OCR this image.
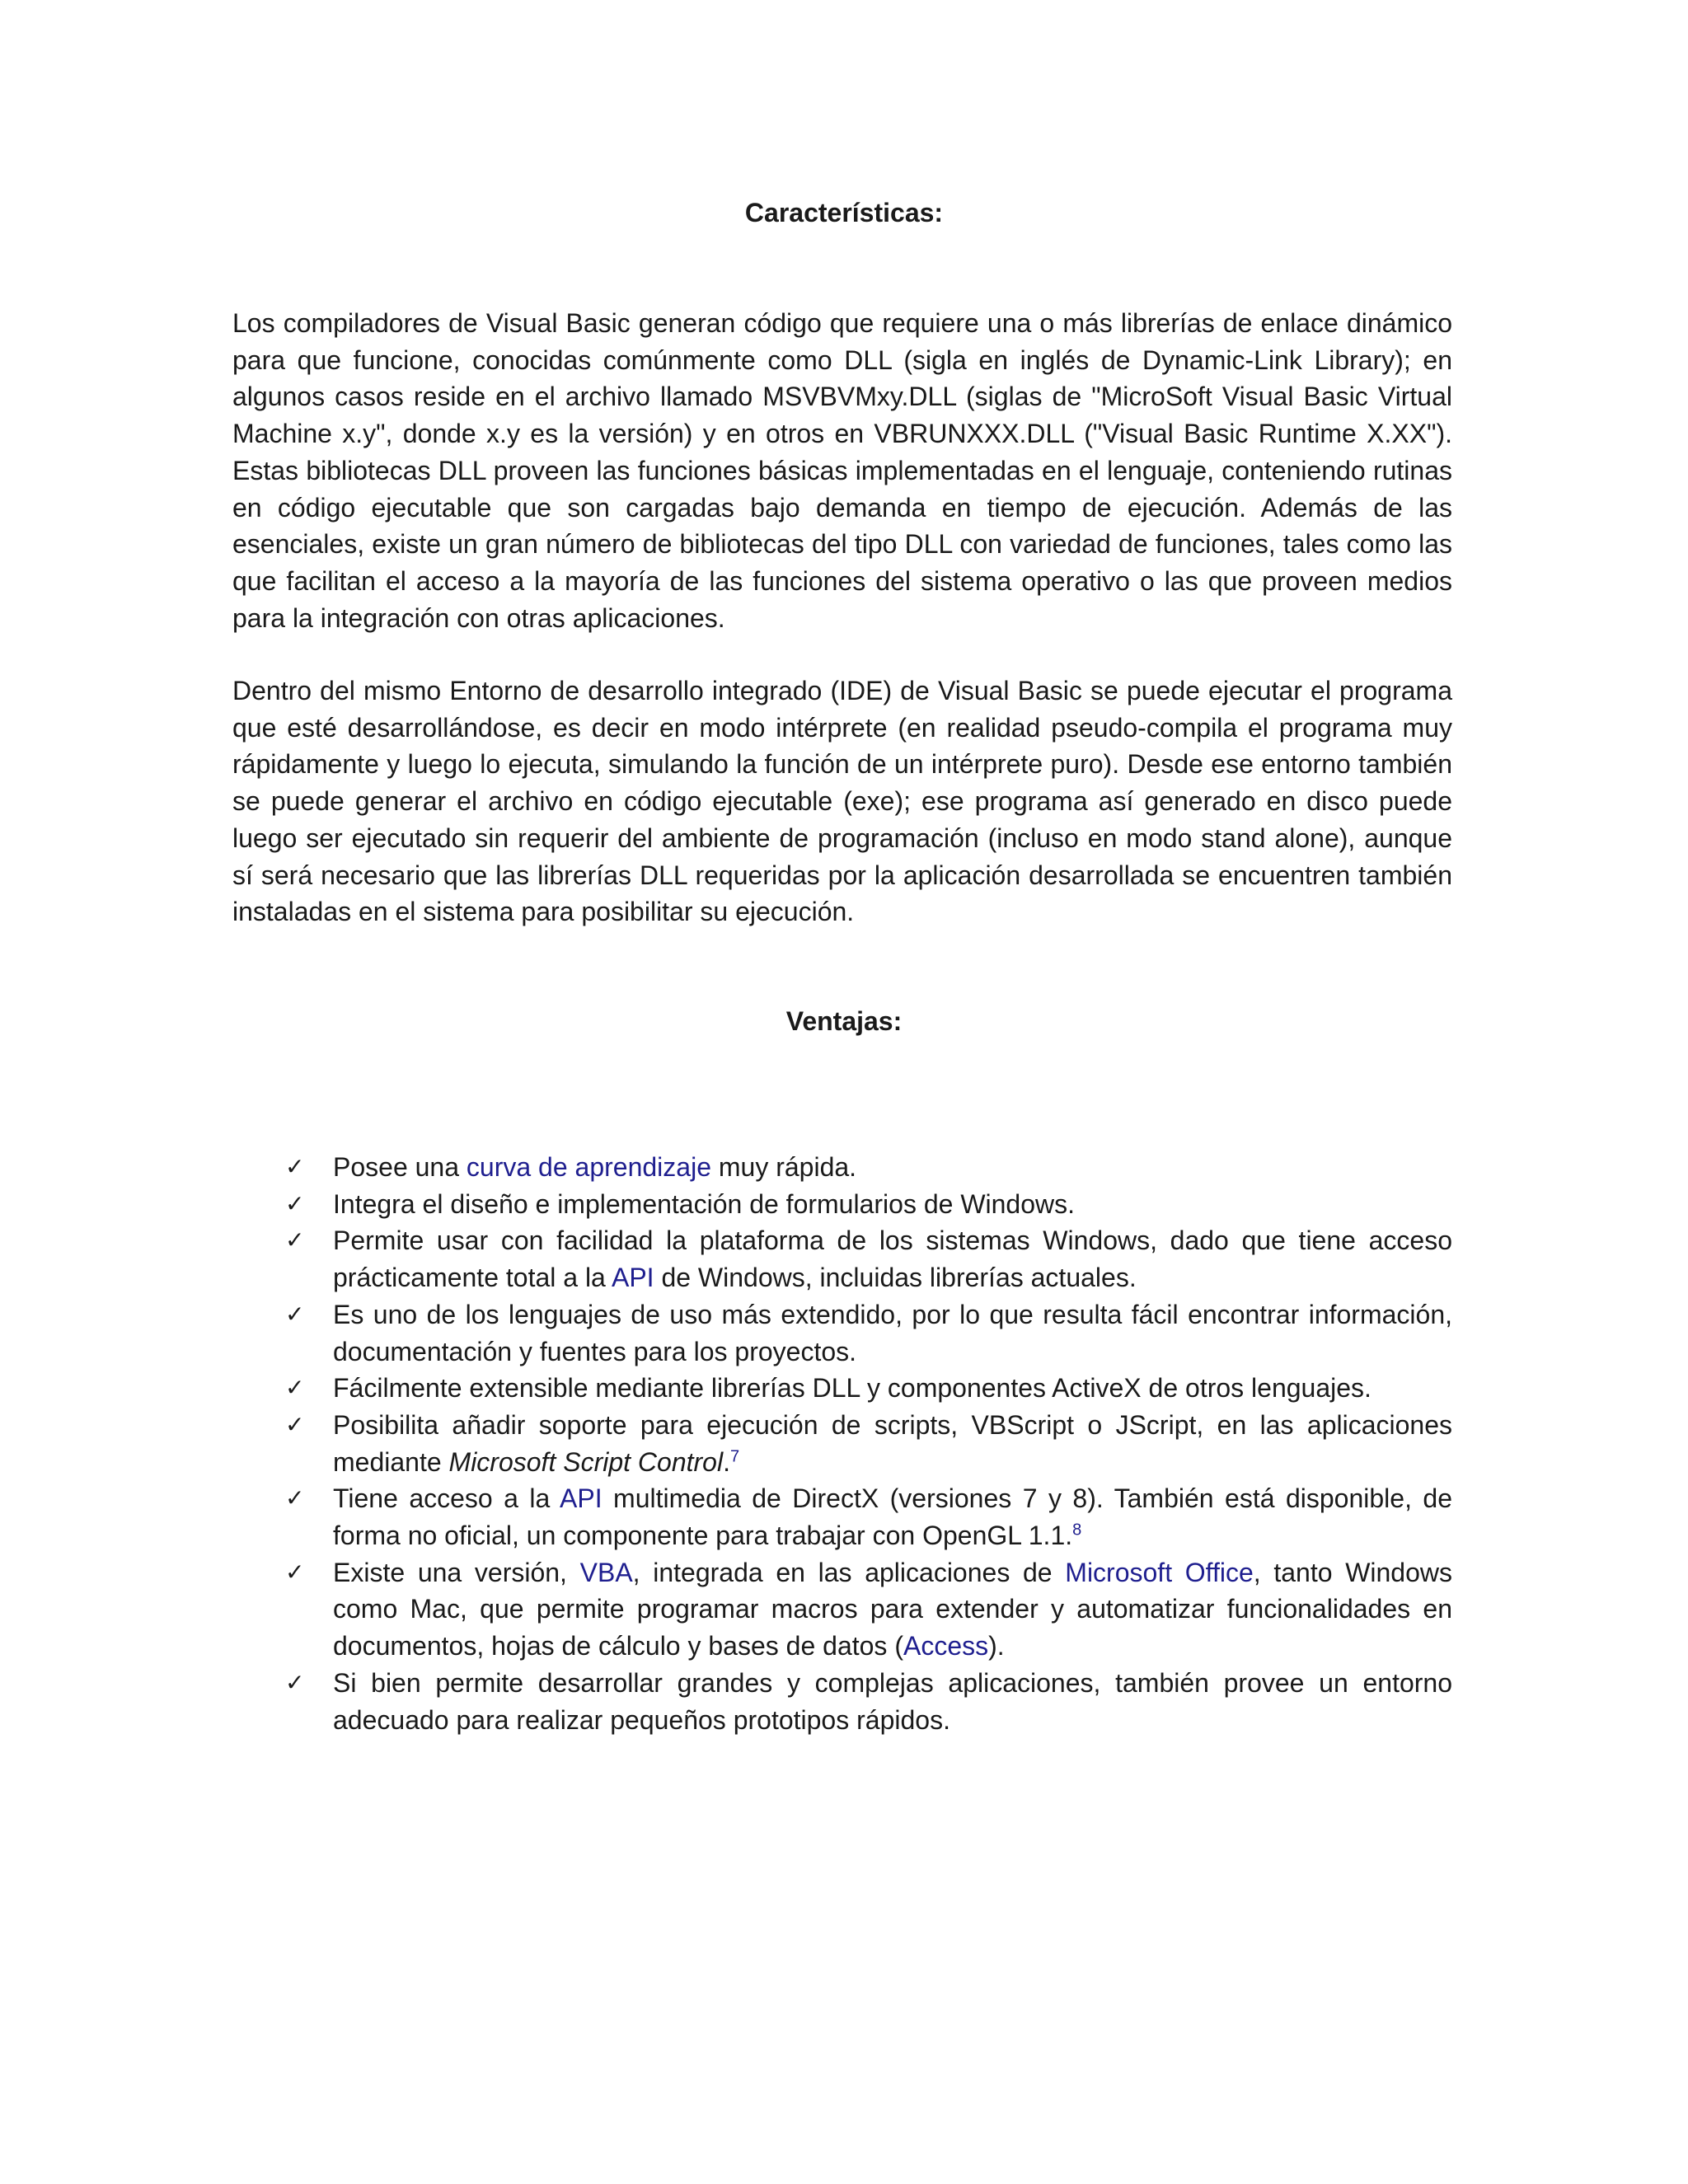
Características:

Los compiladores de Visual Basic generan código que requiere una o más librerías de enlace dinámico para que funcione, conocidas comúnmente como DLL (sigla en inglés de Dynamic-Link Library); en algunos casos reside en el archivo llamado MSVBVMxy.DLL (siglas de "MicroSoft Visual Basic Virtual Machine x.y", donde x.y es la versión) y en otros en VBRUNXXX.DLL ("Visual Basic Runtime X.XX"). Estas bibliotecas DLL proveen las funciones básicas implementadas en el lenguaje, conteniendo rutinas en código ejecutable que son cargadas bajo demanda en tiempo de ejecución. Además de las esenciales, existe un gran número de bibliotecas del tipo DLL con variedad de funciones, tales como las que facilitan el acceso a la mayoría de las funciones del sistema operativo o las que proveen medios para la integración con otras aplicaciones.

Dentro del mismo Entorno de desarrollo integrado (IDE) de Visual Basic se puede ejecutar el programa que esté desarrollándose, es decir en modo intérprete (en realidad pseudo-compila el programa muy rápidamente y luego lo ejecuta, simulando la función de un intérprete puro). Desde ese entorno también se puede generar el archivo en código ejecutable (exe); ese programa así generado en disco puede luego ser ejecutado sin requerir del ambiente de programación (incluso en modo stand alone), aunque sí será necesario que las librerías DLL requeridas por la aplicación desarrollada se encuentren también instaladas en el sistema para posibilitar su ejecución.

Ventajas:
✓ Posee una curva de aprendizaje muy rápida.
✓ Integra el diseño e implementación de formularios de Windows.
✓ Permite usar con facilidad la plataforma de los sistemas Windows, dado que tiene acceso prácticamente total a la API de Windows, incluidas librerías actuales.
✓ Es uno de los lenguajes de uso más extendido, por lo que resulta fácil encontrar información, documentación y fuentes para los proyectos.
✓ Fácilmente extensible mediante librerías DLL y componentes ActiveX de otros lenguajes.
✓ Posibilita añadir soporte para ejecución de scripts, VBScript o JScript, en las aplicaciones mediante Microsoft Script Control.$^7$
✓ Tiene acceso a la API multimedia de DirectX (versiones 7 y 8). También está disponible, de forma no oficial, un componente para trabajar con OpenGL 1.1.$^8$
✓ Existe una versión, VBA, integrada en las aplicaciones de Microsoft Office, tanto Windows como Mac, que permite programar macros para extender y automatizar funcionalidades en documentos, hojas de cálculo y bases de datos (Access).
✓ Si bien permite desarrollar grandes y complejas aplicaciones, también provee un entorno adecuado para realizar pequeños prototipos rápidos.
